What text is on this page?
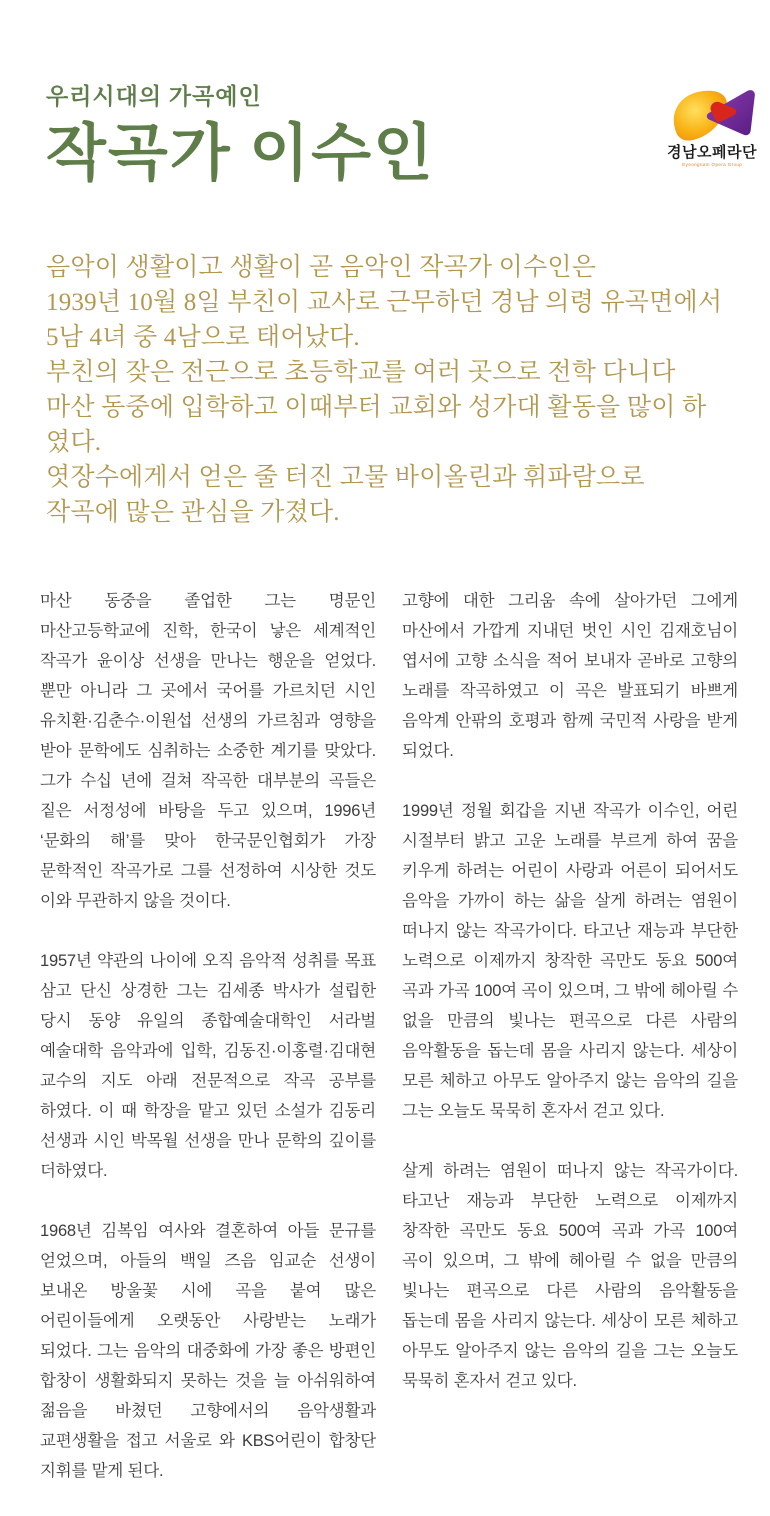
경남오페라단
Gyeongnam Opera Group
우리시대의 가곡예인
작곡가 이수인
음악이 생활이고 생활이 곧 음악인 작곡가 이수인은
1939년 10월 8일 부친이 교사로 근무하던 경남 의령 유곡면에서
5남 4녀 중 4남으로 태어났다.
부친의 잦은 전근으로 초등학교를 여러 곳으로 전학 다니다
마산 동중에 입학하고 이때부터 교회와 성가대 활동을 많이 하였다.
엿장수에게서 얻은 줄 터진 고물 바이올린과 휘파람으로
작곡에 많은 관심을 가졌다.

마산 동중을 졸업한 그는 명문인 마산고등학교에 진학, 한국이 낳은 세계적인 작곡가 윤이상 선생을 만나는 행운을 얻었다. 뿐만 아니라 그 곳에서 국어를 가르치던 시인 유치환·김춘수·이원섭 선생의 가르침과 영향을 받아 문학에도 심취하는 소중한 계기를 맞았다. 그가 수십 년에 걸쳐 작곡한 대부분의 곡들은 짙은 서정성에 바탕을 두고 있으며, 1996년 ‘문화의 해’를 맞아 한국문인협회가 가장 문학적인 작곡가로 그를 선정하여 시상한 것도 이와 무관하지 않을 것이다.

1957년 약관의 나이에 오직 음악적 성취를 목표 삼고 단신 상경한 그는 김세종 박사가 설립한 당시 동양 유일의 종합예술대학인 서라벌 예술대학 음악과에 입학, 김동진·이홍렬·김대현 교수의 지도 아래 전문적으로 작곡 공부를 하였다. 이 때 학장을 맡고 있던 소설가 김동리 선생과 시인 박목월 선생을 만나 문학의 깊이를 더하였다.

1968년 김복임 여사와 결혼하여 아들 문규를 얻었으며, 아들의 백일 즈음 임교순 선생이 보내온 방울꽃 시에 곡을 붙여 많은 어린이들에게 오랫동안 사랑받는 노래가 되었다. 그는 음악의 대중화에 가장 좋은 방편인 합창이 생활화되지 못하는 것을 늘 아쉬워하여 젊음을 바쳤던 고향에서의 음악생활과 교편생활을 접고 서울로 와 KBS어린이 합창단 지휘를 맡게 된다.

고향에 대한 그리움 속에 살아가던 그에게 마산에서 가깝게 지내던 벗인 시인 김재호님이 엽서에 고향 소식을 적어 보내자 곧바로 고향의 노래를 작곡하였고 이 곡은 발표되기 바쁘게 음악계 안팎의 호평과 함께 국민적 사랑을 받게 되었다.

1999년 정월 회갑을 지낸 작곡가 이수인, 어린 시절부터 밝고 고운 노래를 부르게 하여 꿈을 키우게 하려는 어린이 사랑과 어른이 되어서도 음악을 가까이 하는 삶을 살게 하려는 염원이 떠나지 않는 작곡가이다. 타고난 재능과 부단한 노력으로 이제까지 창작한 곡만도 동요 500여 곡과 가곡 100여 곡이 있으며, 그 밖에 헤아릴 수 없을 만큼의 빛나는 편곡으로 다른 사람의 음악활동을 돕는데 몸을 사리지 않는다. 세상이 모른 체하고 아무도 알아주지 않는 음악의 길을 그는 오늘도 묵묵히 혼자서 걷고 있다.

살게 하려는 염원이 떠나지 않는 작곡가이다. 타고난 재능과 부단한 노력으로 이제까지 창작한 곡만도 동요 500여 곡과 가곡 100여 곡이 있으며, 그 밖에 헤아릴 수 없을 만큼의 빛나는 편곡으로 다른 사람의 음악활동을 돕는데 몸을 사리지 않는다. 세상이 모른 체하고 아무도 알아주지 않는 음악의 길을 그는 오늘도 묵묵히 혼자서 걷고 있다.
